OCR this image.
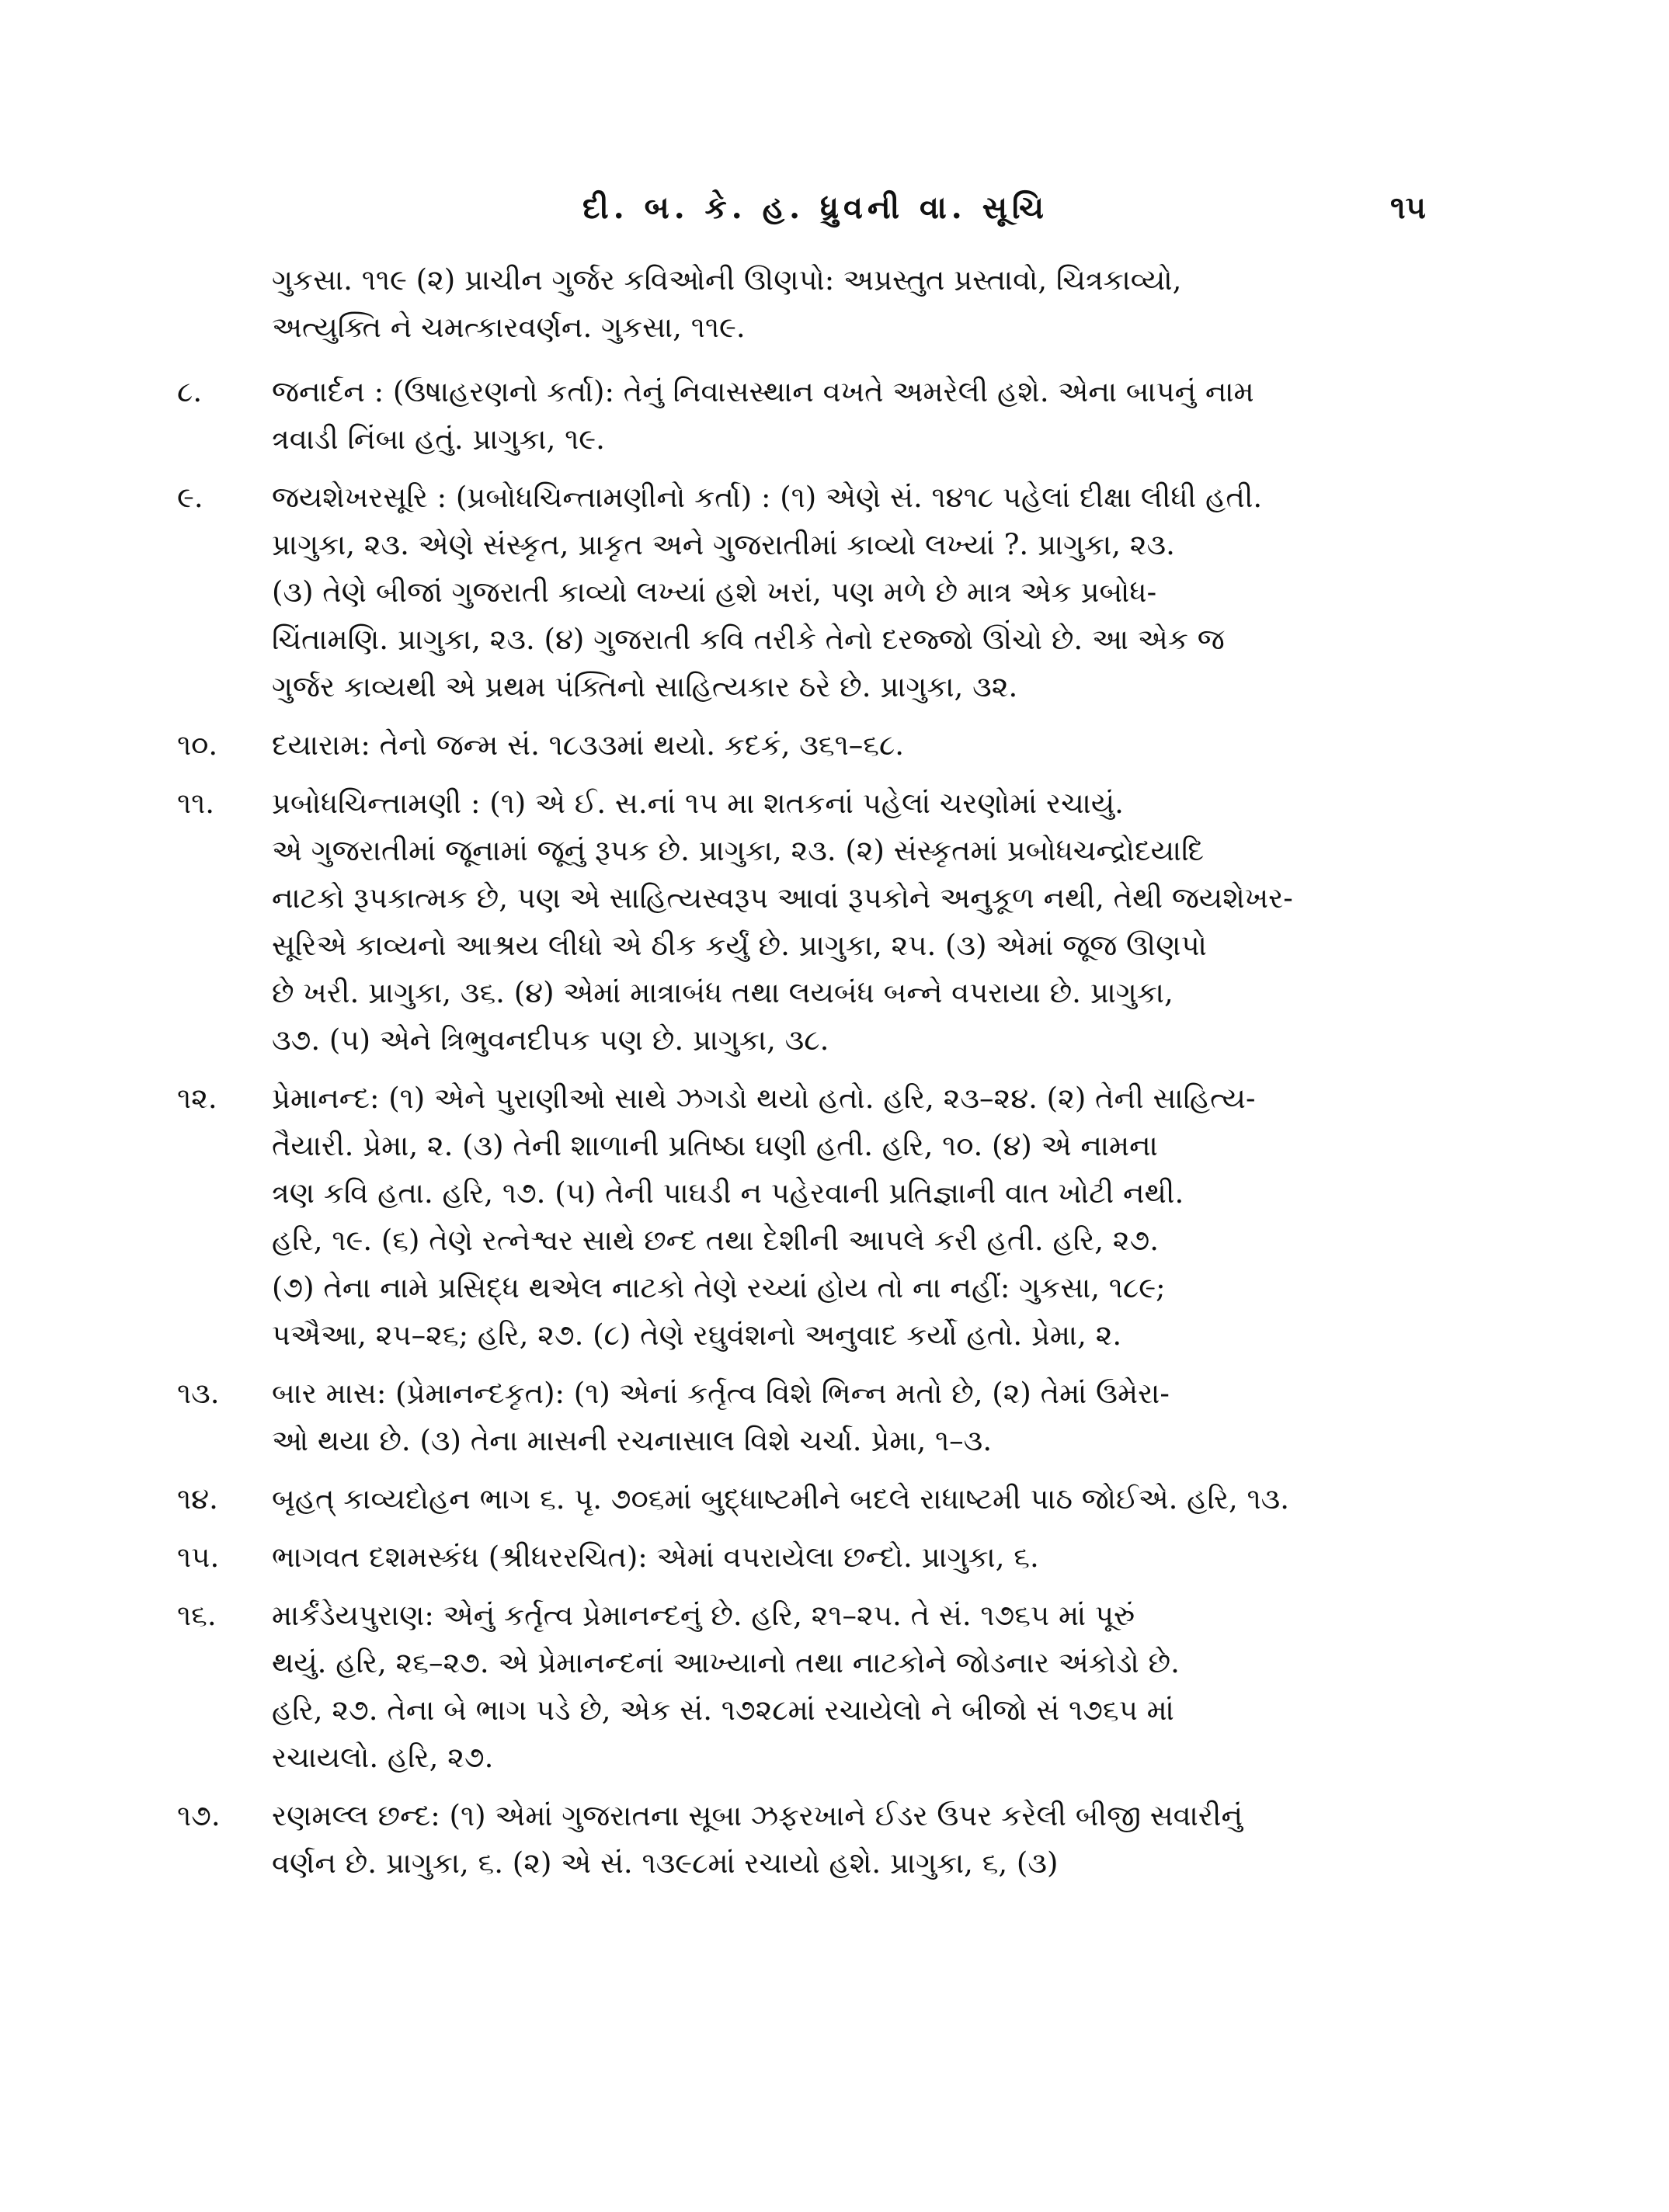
દી. બ. કે. હ. ધ્રુવની વા. સૂચિ	૧૫
ગુકસા. ૧૧૯ (૨) પ્રાચીન ગુર્જર કવિઓની ઊણપો: અપ્રસ્તુત પ્રસ્તાવો, ચિત્રકાવ્યો,
અત્યુક્તિ ને ચમત્કારવર્ણન. ગુકસા, ૧૧૯.
૮.	જનાર્દન : (ઉષાહરણનો કર્તા): તેનું નિવાસસ્થાન વખતે અમરેલી હશે. એના બાપનું નામ
ત્રવાડી નિંબા હતું. પ્રાગુકા, ૧૯.
૯.	જયશેખરસૂરિ : (પ્રબોધચિન્તામણીનો કર્તા) : (૧) એણે સં. ૧૪૧૮ પહેલાં દીક્ષા લીધી હતી.
પ્રાગુકા, ૨૩. એણે સંસ્કૃત, પ્રાકૃત અને ગુજરાતીમાં કાવ્યો લખ્યાં ?. પ્રાગુકા, ૨૩.
(૩) તેણે બીજાં ગુજરાતી કાવ્યો લખ્યાં હશે ખરાં, પણ મળે છે માત્ર એક પ્રબોધ-
ચિંતામણિ. પ્રાગુકા, ૨૩. (૪) ગુજરાતી કવિ તરીકે તેનો દરજ્જો ઊંચો છે. આ એક જ
ગુર્જર કાવ્યથી એ પ્રથમ પંક્તિનો સાહિત્યકાર ઠરે છે. પ્રાગુકા, ૩૨.
૧૦.	દયારામ: તેનો જન્મ સં. ૧૮૩૩માં થયો. કદકં, ૩૬૧–૬૮.
૧૧.	પ્રબોધચિન્તામણી : (૧) એ ઈ. સ.નાં ૧૫ મા શતકનાં પહેલાં ચરણોમાં રચાયું.
એ ગુજરાતીમાં જૂનામાં જૂનું રૂપક છે. પ્રાગુકા, ૨૩. (૨) સંસ્કૃતમાં પ્રબોધચન્દ્રોદયાદિ
નાટકો રૂપકાત્મક છે, પણ એ સાહિત્યસ્વરૂપ આવાં રૂપકોને અનુકૂળ નથી, તેથી જયશેખર-
સૂરિએ કાવ્યનો આશ્રય લીધો એ ઠીક કર્યું છે. પ્રાગુકા, ૨૫. (૩) એમાં જૂજ ઊણપો
છે ખરી. પ્રાગુકા, ૩૬. (૪) એમાં માત્રાબંધ તથા લયબંધ બન્ને વપરાયા છે. પ્રાગુકા,
૩૭. (૫) એને ત્રિભુવનદીપક પણ છે. પ્રાગુકા, ૩૮.
૧૨.	પ્રેમાનન્દ: (૧) એને પુરાણીઓ સાથે ઝગડો થયો હતો. હરિ, ૨૩–૨૪. (૨) તેની સાહિત્ય-
તૈયારી. પ્રેમા, ૨. (૩) તેની શાળાની પ્રતિષ્ઠા ઘણી હતી. હરિ, ૧૦. (૪) એ નામના
ત્રણ કવિ હતા. હરિ, ૧૭. (૫) તેની પાઘડી ન પહેરવાની પ્રતિજ્ઞાની વાત ખોટી નથી.
હરિ, ૧૯. (૬) તેણે રત્નેશ્વર સાથે છન્દ તથા દેશીની આપલે કરી હતી. હરિ, ૨૭.
(૭) તેના નામે પ્રસિદ્ધ થએલ નાટકો તેણે રચ્યાં હોય તો ના નહીં: ગુકસા, ૧૮૯;
પઐઆ, ૨૫–૨૬; હરિ, ૨૭. (૮) તેણે રઘુવંશનો અનુવાદ કર્યો હતો. પ્રેમા, ૨.
૧૩.	બાર માસ: (પ્રેમાનન્દકૃત): (૧) એનાં કર્તૃત્વ વિશે ભિન્ન મતો છે, (૨) તેમાં ઉમેરા-
ઓ થયા છે. (૩) તેના માસની રચનાસાલ વિશે ચર્ચા. પ્રેમા, ૧–૩.
૧૪.	બૃહત્ કાવ્યદોહન ભાગ ૬. પૃ. ૭૦૬માં બુદ્ધાષ્ટમીને બદલે રાધાષ્ટમી પાઠ જોઈએ. હરિ, ૧૩.
૧૫.	ભાગવત દશમસ્કંધ (શ્રીધરરચિત): એમાં વપરાયેલા છન્દો. પ્રાગુકા, ૬.
૧૬.	માર્કંડેયપુરાણ: એનું કર્તૃત્વ પ્રેમાનન્દનું છે. હરિ, ૨૧–૨૫. તે સં. ૧૭૬૫ માં પૂરું
થયું. હરિ, ૨૬–૨૭. એ પ્રેમાનન્દનાં આખ્યાનો તથા નાટકોને જોડનાર અંકોડો છે.
હરિ, ૨૭. તેના બે ભાગ પડે છે, એક સં. ૧૭૨૮માં રચાયેલો ને બીજો સં ૧૭૬૫ માં
રચાયલો. હરિ, ૨૭.
૧૭.	રણમલ્લ છન્દ: (૧) એમાં ગુજરાતના સૂબા ઝફરખાને ઈડર ઉપર કરેલી બીજી સવારીનું
વર્ણન છે. પ્રાગુકા, ૬. (૨) એ સં. ૧૩૯૮માં રચાયો હશે. પ્રાગુકા, ૬, (૩)
